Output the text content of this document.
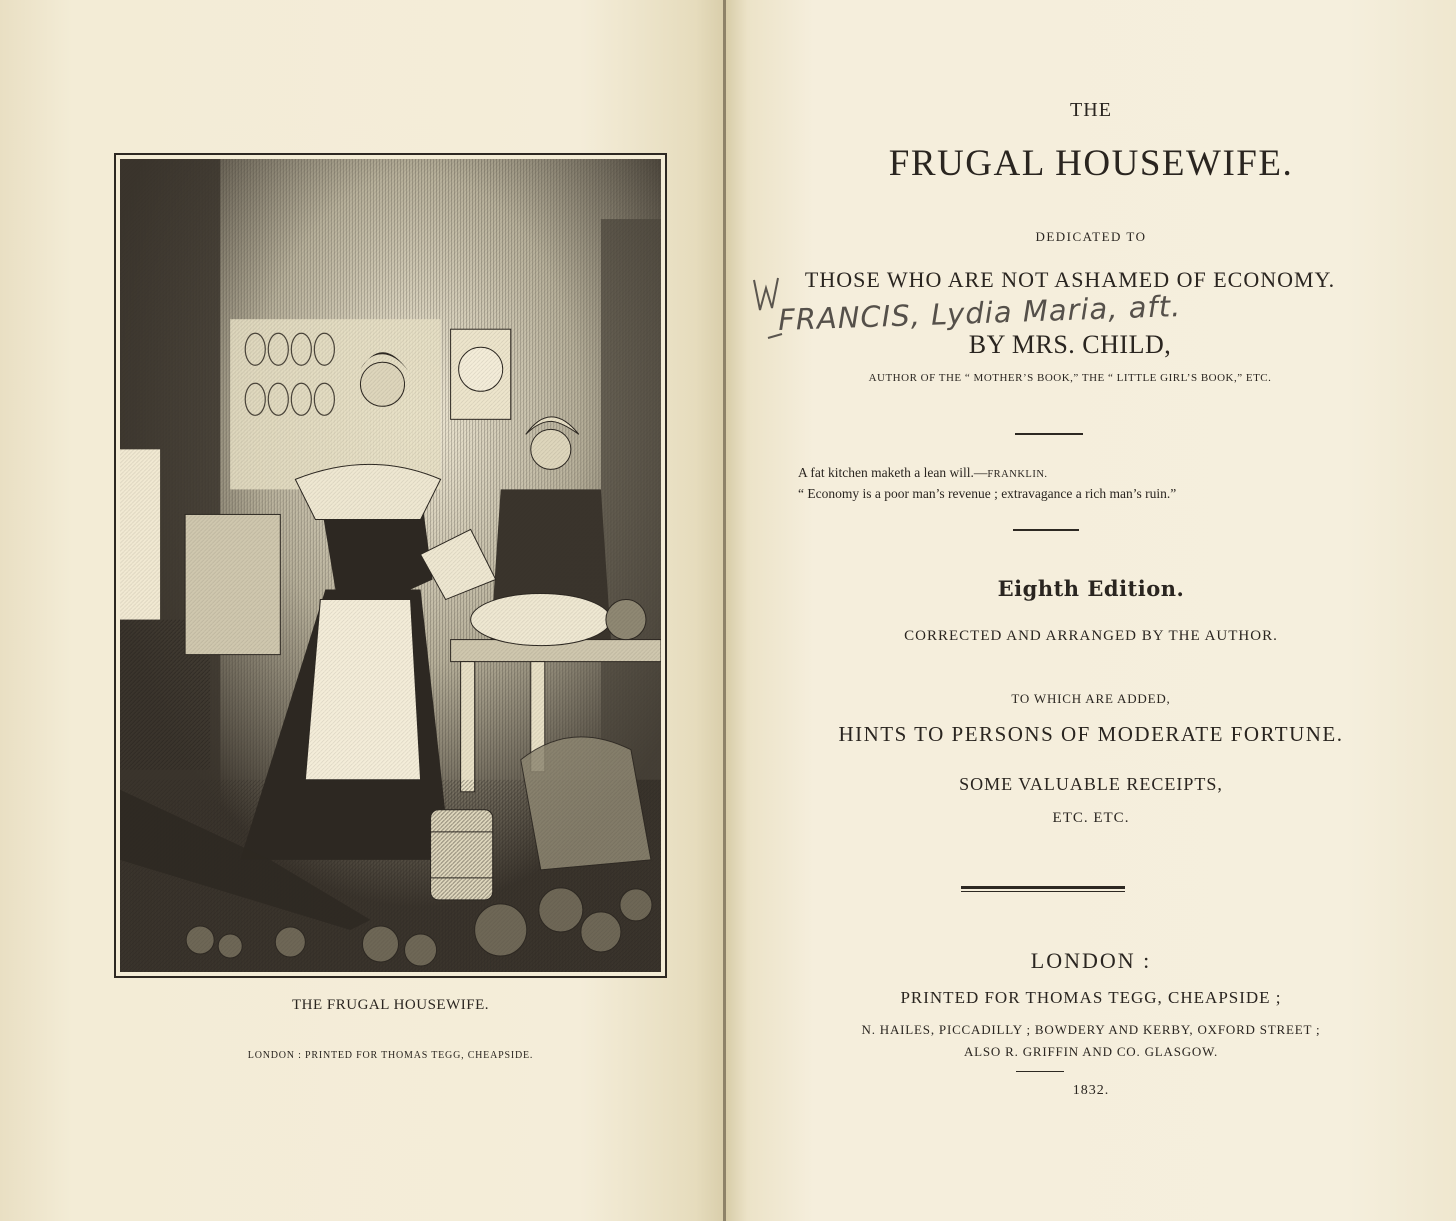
THE FRUGAL HOUSEWIFE.
LONDON : PRINTED FOR THOMAS TEGG, CHEAPSIDE.
THE
FRUGAL HOUSEWIFE.
DEDICATED TO
THOSE WHO ARE NOT ASHAMED OF ECONOMY.
FRANCIS, Lydia Maria, aft.
BY MRS. CHILD,
AUTHOR OF THE “ MOTHER’S BOOK,” THE “ LITTLE GIRL’S BOOK,” ETC.
A fat kitchen maketh a lean will.—FRANKLIN.
“ Economy is a poor man’s revenue ; extravagance a rich man’s ruin.”
Eighth Edition.
CORRECTED AND ARRANGED BY THE AUTHOR.
TO WHICH ARE ADDED,
HINTS TO PERSONS OF MODERATE FORTUNE.
SOME VALUABLE RECEIPTS,
ETC. ETC.
LONDON :
PRINTED FOR THOMAS TEGG, CHEAPSIDE ;
N. HAILES, PICCADILLY ; BOWDERY AND KERBY, OXFORD STREET ;
ALSO R. GRIFFIN AND CO. GLASGOW.
1832.
